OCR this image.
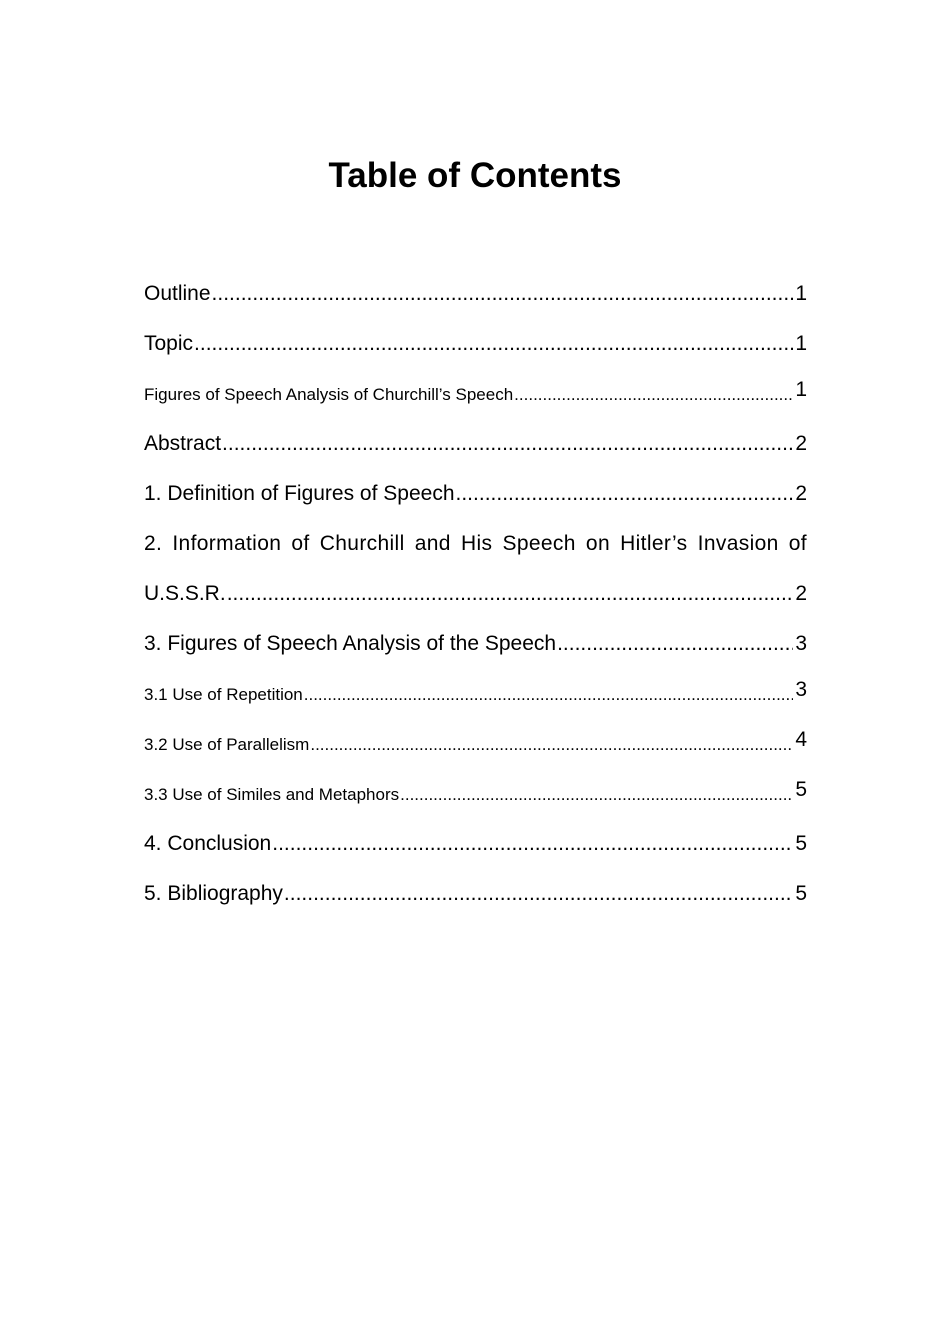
Table of Contents
Outline .....	1
Topic .....	1
Figures of Speech Analysis of Churchill’s Speech .....	1
Abstract .....	2
1. Definition of Figures of Speech .....	2
2. Information of Churchill and His Speech on Hitler’s Invasion of
U.S.S.R. .....	2
3. Figures of Speech Analysis of the Speech .....	3
3.1 Use of Repetition .....	3
3.2 Use of Parallelism .....	4
3.3 Use of Similes and Metaphors .....	5
4. Conclusion .....	5
5. Bibliography .....	5
